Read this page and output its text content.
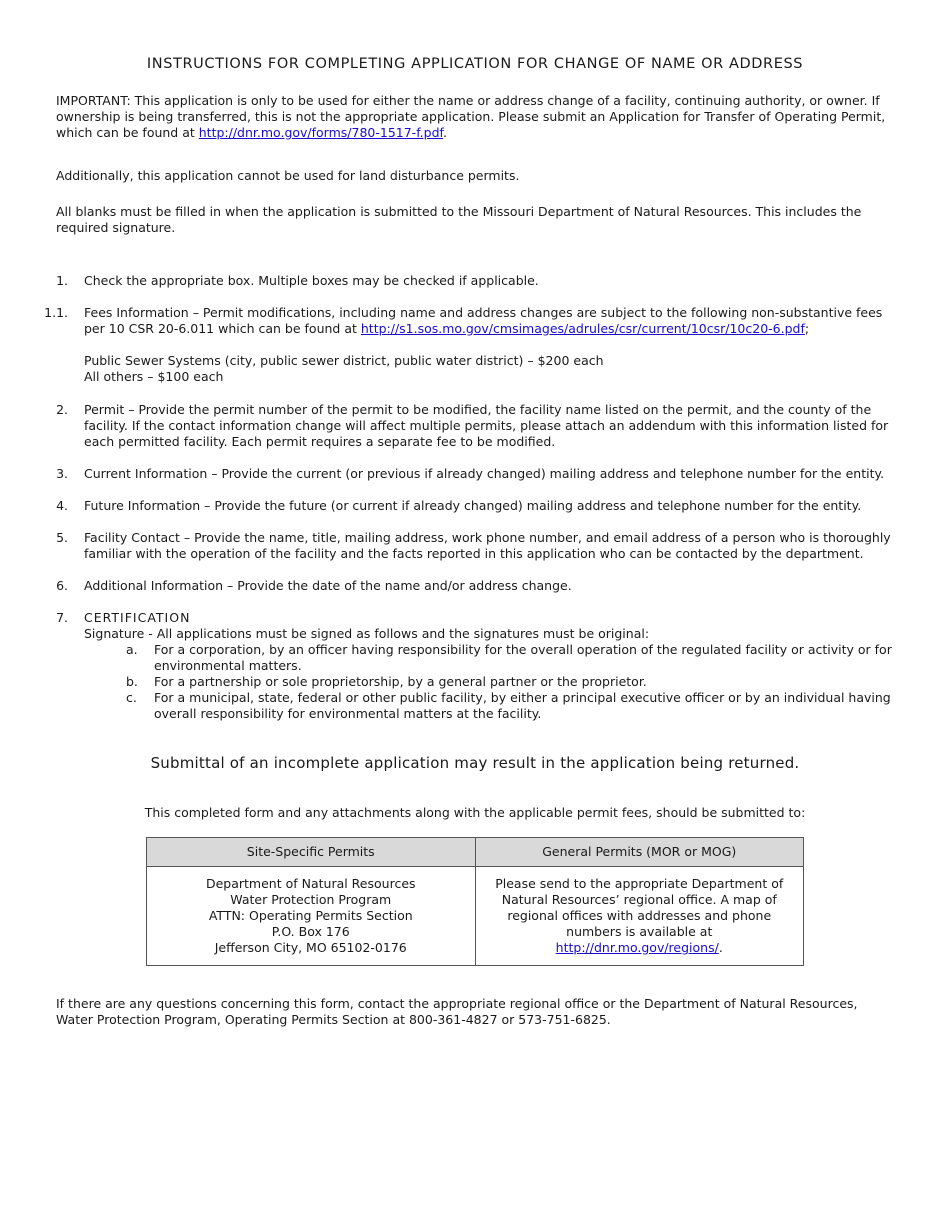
INSTRUCTIONS FOR COMPLETING APPLICATION FOR CHANGE OF NAME OR ADDRESS

IMPORTANT: This application is only to be used for either the name or address change of a facility, continuing authority, or owner. If ownership is being transferred, this is not the appropriate application. Please submit an Application for Transfer of Operating Permit, which can be found at http://dnr.mo.gov/forms/780-1517-f.pdf.

Additionally, this application cannot be used for land disturbance permits.

All blanks must be filled in when the application is submitted to the Missouri Department of Natural Resources. This includes the required signature.

1. Check the appropriate box. Multiple boxes may be checked if applicable.
1.1. Fees Information – Permit modifications, including name and address changes are subject to the following non-substantive fees per 10 CSR 20-6.011 which can be found at http://s1.sos.mo.gov/cmsimages/adrules/csr/current/10csr/10c20-6.pdf;
Public Sewer Systems (city, public sewer district, public water district) – $200 each
All others – $100 each
2. Permit – Provide the permit number of the permit to be modified, the facility name listed on the permit, and the county of the facility. If the contact information change will affect multiple permits, please attach an addendum with this information listed for each permitted facility. Each permit requires a separate fee to be modified.
3. Current Information – Provide the current (or previous if already changed) mailing address and telephone number for the entity.
4. Future Information – Provide the future (or current if already changed) mailing address and telephone number for the entity.
5. Facility Contact – Provide the name, title, mailing address, work phone number, and email address of a person who is thoroughly familiar with the operation of the facility and the facts reported in this application who can be contacted by the department.
6. Additional Information – Provide the date of the name and/or address change.
7. CERTIFICATION
Signature - All applications must be signed as follows and the signatures must be original:
a. For a corporation, by an officer having responsibility for the overall operation of the regulated facility or activity or for environmental matters.
b. For a partnership or sole proprietorship, by a general partner or the proprietor.
c. For a municipal, state, federal or other public facility, by either a principal executive officer or by an individual having overall responsibility for environmental matters at the facility.
Submittal of an incomplete application may result in the application being returned.
This completed form and any attachments along with the applicable permit fees, should be submitted to:
Site-Specific Permits	General Permits (MOR or MOG)

Department of Natural Resources
Water Protection Program
ATTN: Operating Permits Section
P.O. Box 176
Jefferson City, MO 65102-0176	Please send to the appropriate Department of Natural Resources’ regional office. A map of regional offices with addresses and phone numbers is available at http://dnr.mo.gov/regions/.

If there are any questions concerning this form, contact the appropriate regional office or the Department of Natural Resources, Water Protection Program, Operating Permits Section at 800-361-4827 or 573-751-6825.
